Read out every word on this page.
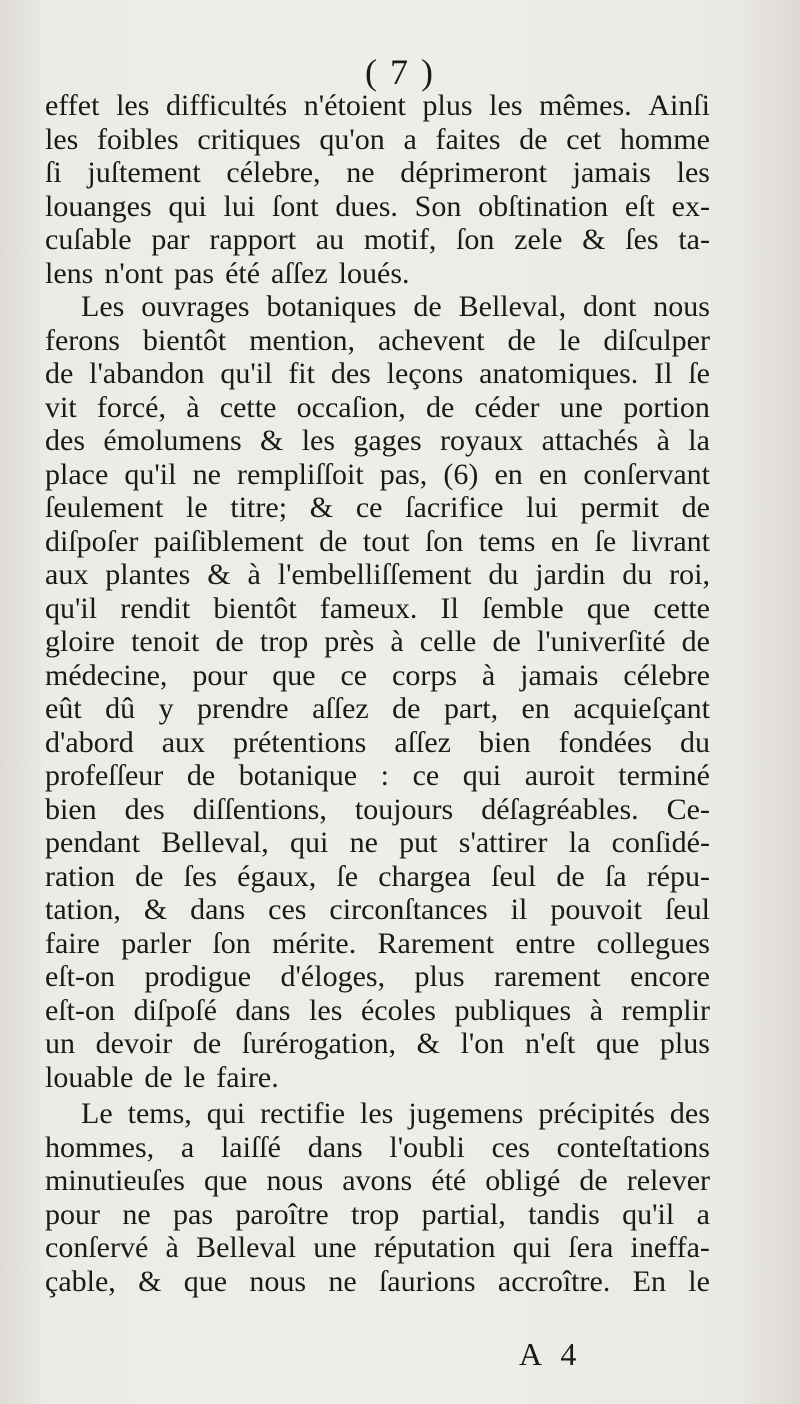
( 7 )
effet les difficultés n'étoient plus les mêmes. Ainſi
les foibles critiques qu'on a faites de cet homme
ſi juſtement célebre, ne déprimeront jamais les
louanges qui lui ſont dues. Son obſtination eſt ex-
cuſable par rapport au motif, ſon zele & ſes ta-
lens n'ont pas été aſſez loués.
Les ouvrages botaniques de Belleval, dont nous
ferons bientôt mention, achevent de le diſculper
de l'abandon qu'il fit des leçons anatomiques. Il ſe
vit forcé, à cette occaſion, de céder une portion
des émolumens & les gages royaux attachés à la
place qu'il ne rempliſſoit pas, (6) en en conſervant
ſeulement le titre; & ce ſacrifice lui permit de
diſpoſer paiſiblement de tout ſon tems en ſe livrant
aux plantes & à l'embelliſſement du jardin du roi,
qu'il rendit bientôt fameux. Il ſemble que cette
gloire tenoit de trop près à celle de l'univerſité de
médecine, pour que ce corps à jamais célebre
eût dû y prendre aſſez de part, en acquieſçant
d'abord aux prétentions aſſez bien fondées du
profeſſeur de botanique : ce qui auroit terminé
bien des diſſentions, toujours déſagréables. Ce-
pendant Belleval, qui ne put s'attirer la conſidé-
ration de ſes égaux, ſe chargea ſeul de ſa répu-
tation, & dans ces circonſtances il pouvoit ſeul
faire parler ſon mérite. Rarement entre collegues
eſt-on prodigue d'éloges, plus rarement encore
eſt-on diſpoſé dans les écoles publiques à remplir
un devoir de ſurérogation, & l'on n'eſt que plus
louable de le faire.
Le tems, qui rectifie les jugemens précipités des
hommes, a laiſſé dans l'oubli ces conteſtations
minutieuſes que nous avons été obligé de relever
pour ne pas paroître trop partial, tandis qu'il a
conſervé à Belleval une réputation qui ſera ineffa-
çable, & que nous ne ſaurions accroître. En le
A 4
